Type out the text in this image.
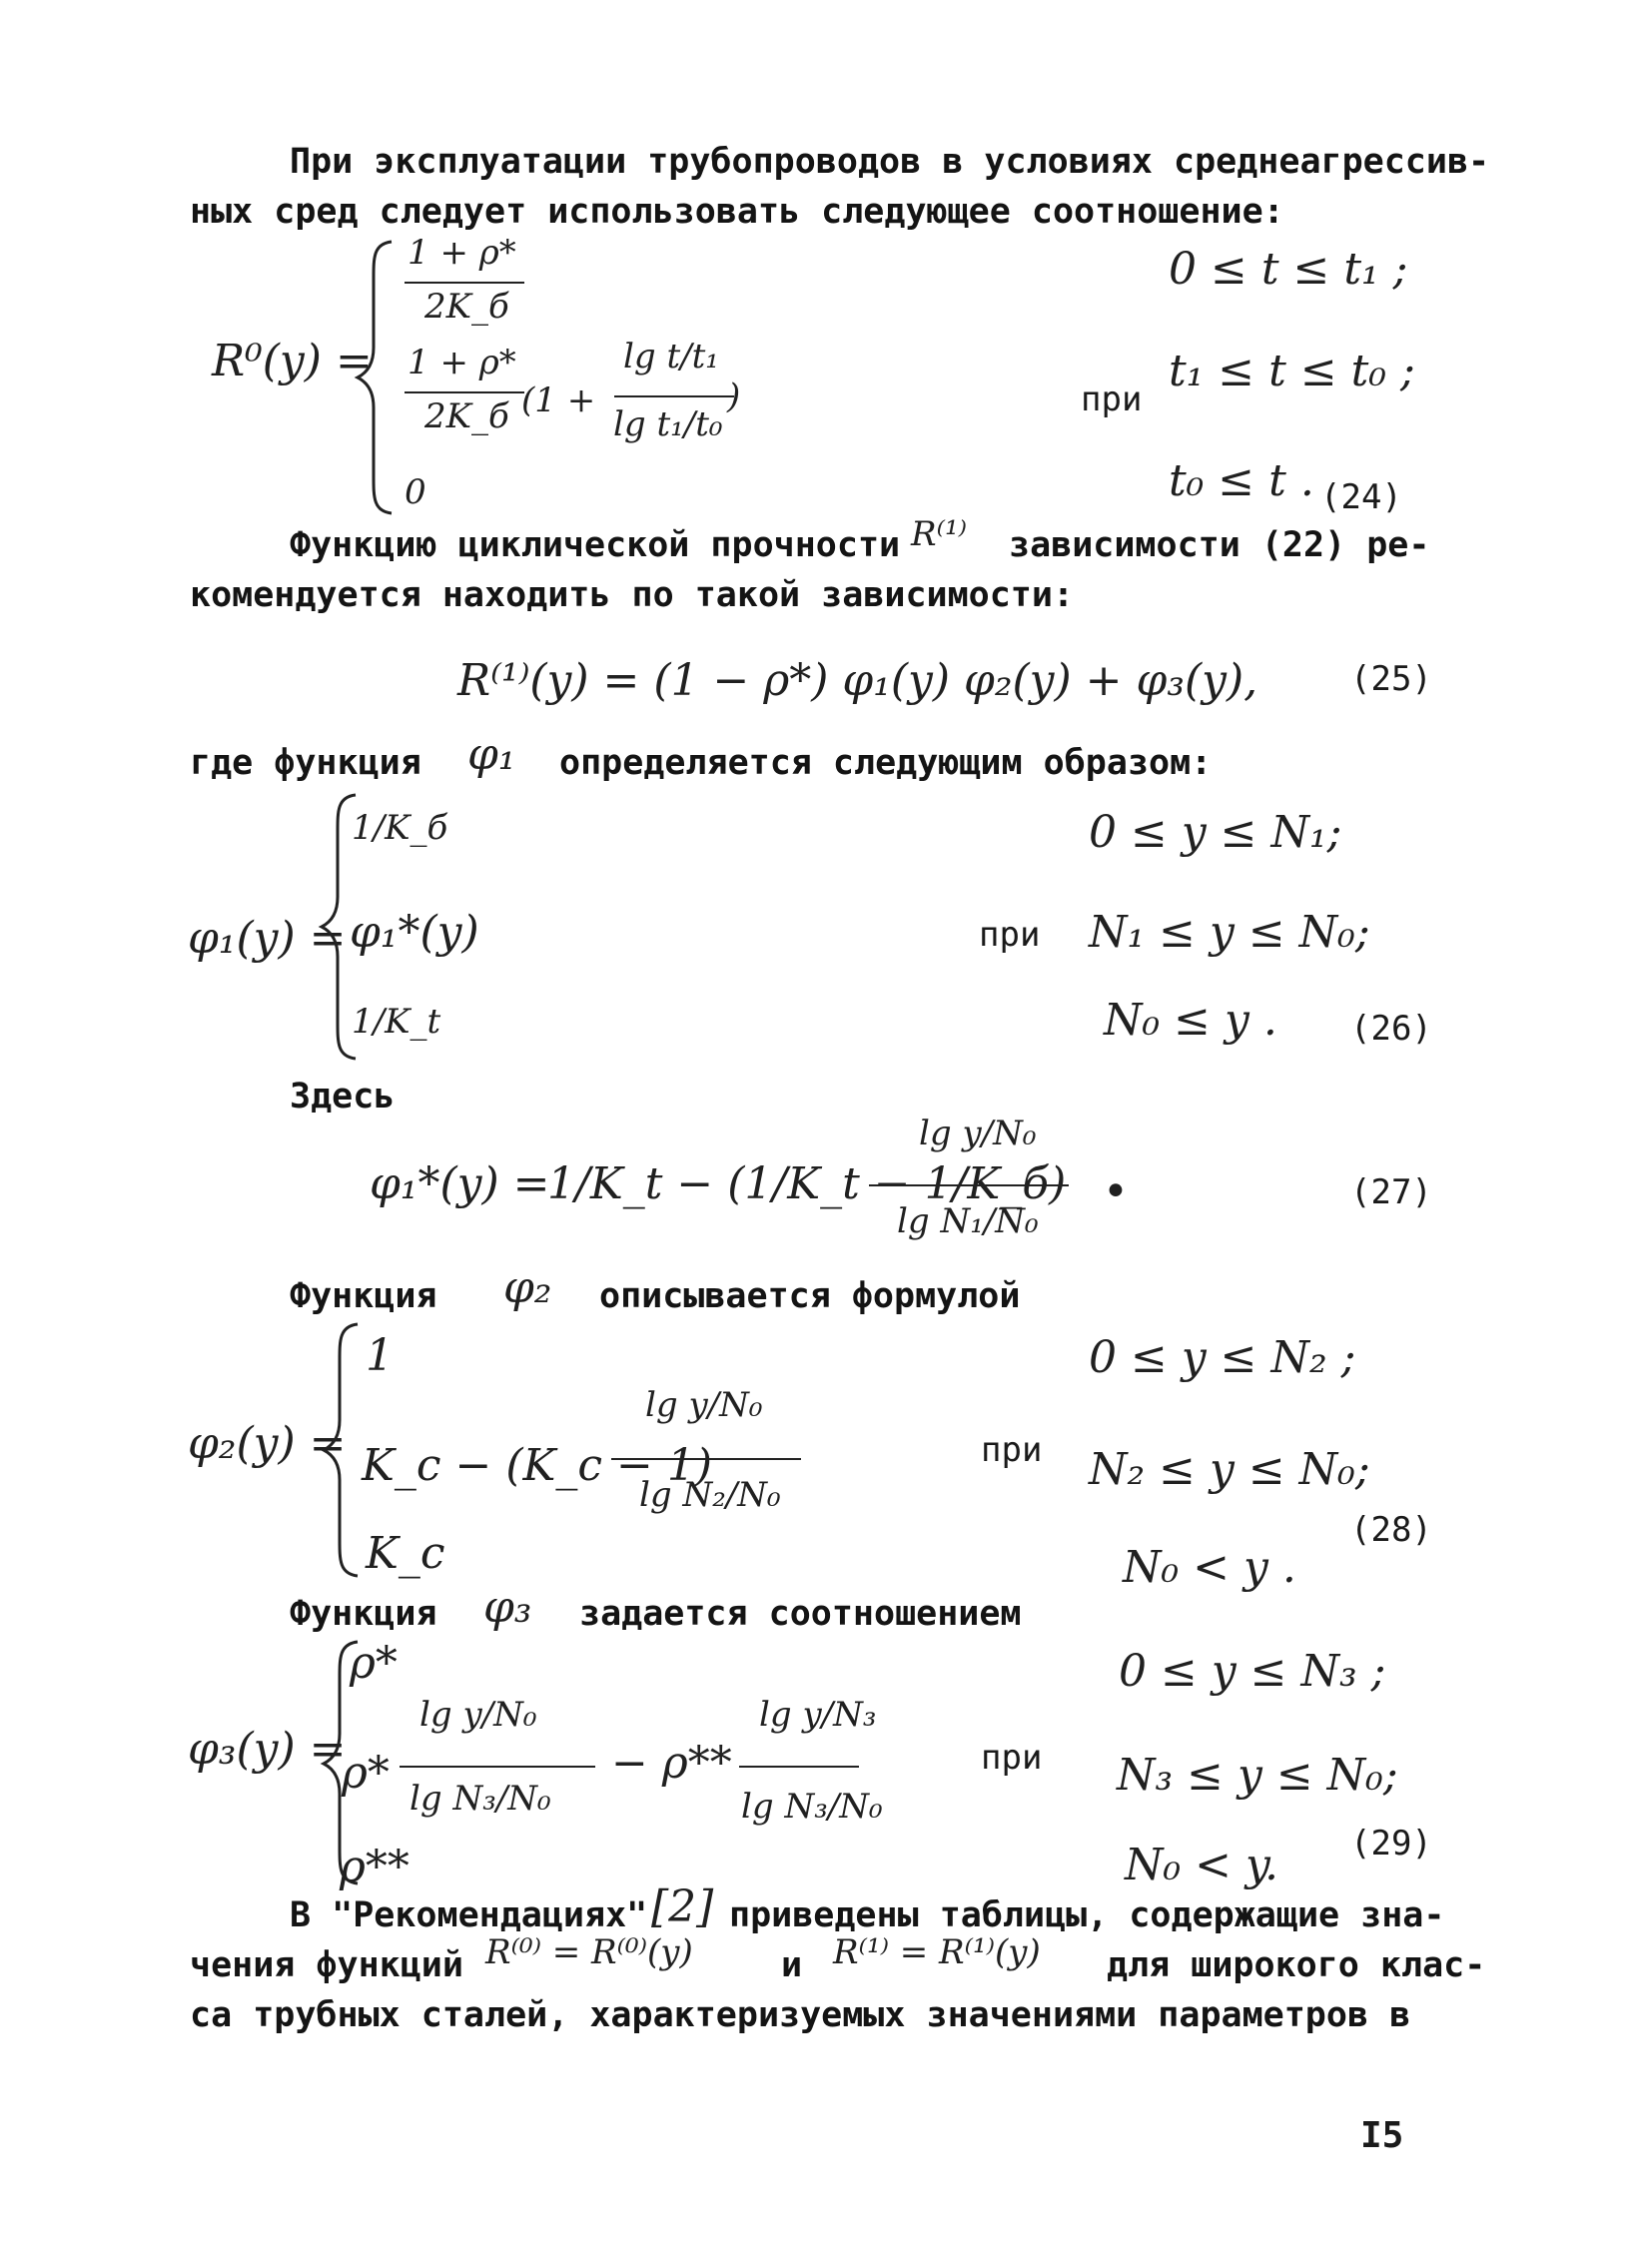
При эксплуатации трубопроводов в условиях среднеагрессив-
ных сред следует использовать следующее соотношение:
R⁰(y) =
1 + ρ*
2K_б
1 + ρ*
2K_б (1 +
lg t/t₁
lg t₁/t₀
)
0
0 ≤ t ≤ t₁ ;
при
t₁ ≤ t ≤ t₀ ;
t₀ ≤ t . (24)
Функцию циклической прочности R⁽¹⁾ зависимости (22) ре-
комендуется находить по такой зависимости:
R⁽¹⁾(y) = (1 − ρ*) φ₁(y) φ₂(y) + φ₃(y),	(25)
где функция φ₁ определяется следующим образом:
φ₁(y) =
1/K_б
φ₁*(y)
1/K_t
0 ≤ y ≤ N₁;
при N₁ ≤ y ≤ N₀;
N₀ ≤ y . (26)
Здесь
φ₁*(y) =
1/K_t − (1/K_t − 1/K_б)
lg y/N₀
lg N₁/N₀
•	(27)
Функция φ₂ описывается формулой
φ₂(y) =
1
K_c − (K_c − 1)
lg y/N₀
lg N₂/N₀
K_c
0 ≤ y ≤ N₂ ;
при N₂ ≤ y ≤ N₀;
(28)
N₀ < y .
Функция φ₃ задается соотношением
φ₃(y) =
ρ*
ρ*
lg y/N₀
lg N₃/N₀
− ρ**
lg y/N₃
lg N₃/N₀
ρ**
0 ≤ y ≤ N₃ ;
при N₃ ≤ y ≤ N₀;
(29)
N₀ < y.
В "Рекомендациях" [2] приведены таблицы, содержащие зна-
чения функций R⁽⁰⁾ = R⁽⁰⁾(y)	и R⁽¹⁾ = R⁽¹⁾(y) для широкого клас-
са трубных сталей, характеризуемых значениями параметров в
I5
